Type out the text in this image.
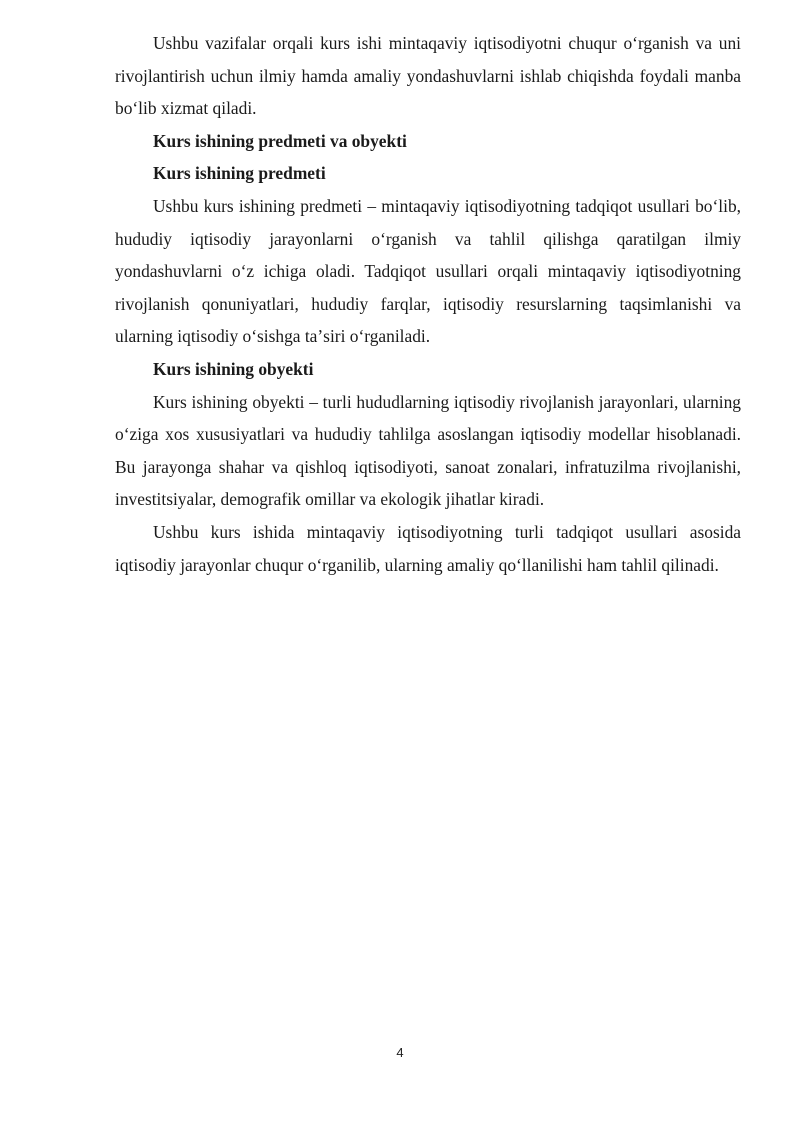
Ushbu vazifalar orqali kurs ishi mintaqaviy iqtisodiyotni chuqur oʻrganish va uni rivojlantirish uchun ilmiy hamda amaliy yondashuvlarni ishlab chiqishda foydali manba boʻlib xizmat qiladi.

Kurs ishining predmeti va obyekti

Kurs ishining predmeti

Ushbu kurs ishining predmeti – mintaqaviy iqtisodiyotning tadqiqot usullari boʻlib, hududiy iqtisodiy jarayonlarni oʻrganish va tahlil qilishga qaratilgan ilmiy yondashuvlarni oʻz ichiga oladi. Tadqiqot usullari orqali mintaqaviy iqtisodiyotning rivojlanish qonuniyatlari, hududiy farqlar, iqtisodiy resurslarning taqsimlanishi va ularning iqtisodiy oʻsishga taʼsiri oʻrganiladi.

Kurs ishining obyekti

Kurs ishining obyekti – turli hududlarning iqtisodiy rivojlanish jarayonlari, ularning oʻziga xos xususiyatlari va hududiy tahlilga asoslangan iqtisodiy modellar hisoblanadi. Bu jarayonga shahar va qishloq iqtisodiyoti, sanoat zonalari, infratuzilma rivojlanishi, investitsiyalar, demografik omillar va ekologik jihatlar kiradi.

Ushbu kurs ishida mintaqaviy iqtisodiyotning turli tadqiqot usullari asosida iqtisodiy jarayonlar chuqur oʻrganilib, ularning amaliy qoʻllanilishi ham tahlil qilinadi.

4
